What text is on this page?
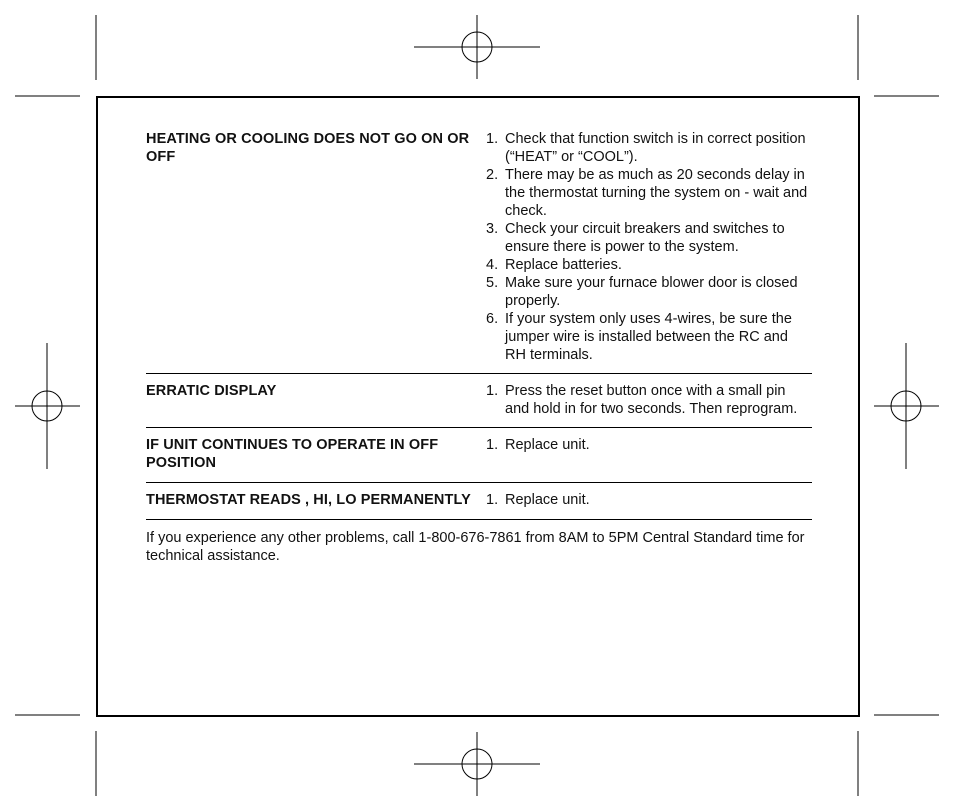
HEATING OR COOLING DOES NOT GO ON OR OFF
1. Check that function switch is in correct position (“HEAT” or “COOL”).
2. There may be as much as 20 seconds delay in the thermostat turning the system on - wait and check.
3. Check your circuit breakers and switches to ensure there is power to the system.
4. Replace batteries.
5. Make sure your furnace blower door is closed properly.
6. If your system only uses 4-wires, be sure the jumper wire is installed between the RC and RH terminals.
ERRATIC DISPLAY	1. Press the reset button once with a small pin and hold in for two seconds. Then reprogram.
IF UNIT CONTINUES TO OPERATE IN OFF POSITION
1. Replace unit.
THERMOSTAT READS , HI, LO PERMANENTLY	1. Replace unit.

If you experience any other problems, call 1-800-676-7861 from 8AM to 5PM Central Standard time for technical assistance.
